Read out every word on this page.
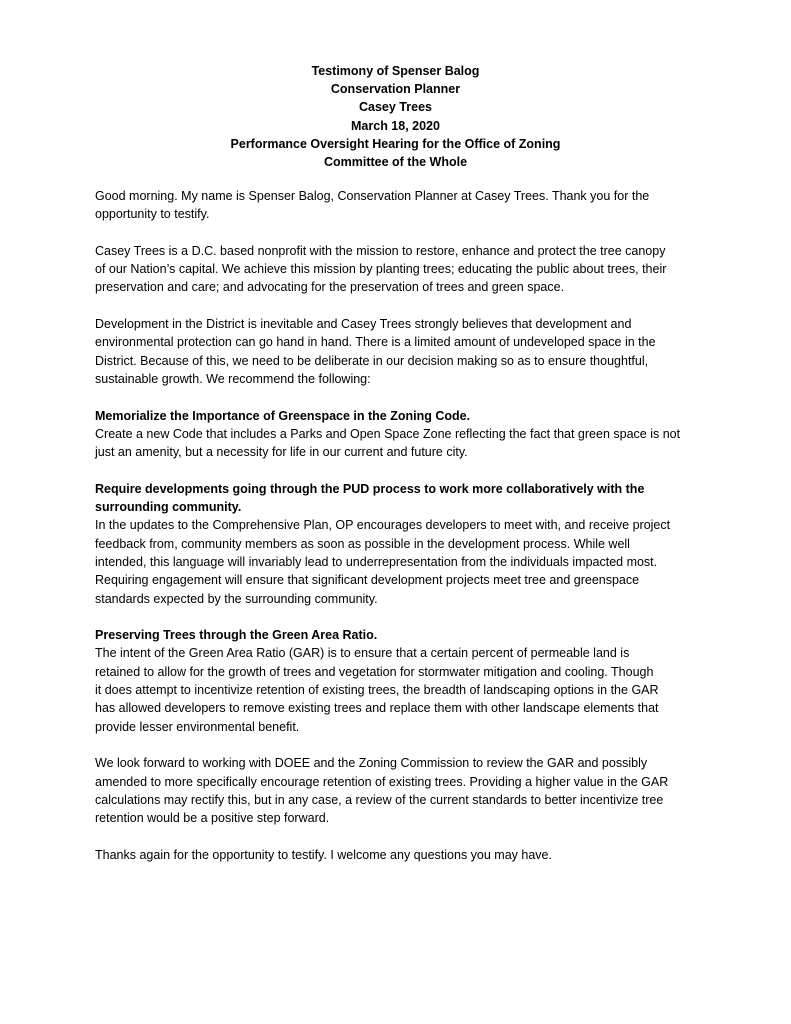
Testimony of Spenser Balog
Conservation Planner
Casey Trees
March 18, 2020
Performance Oversight Hearing for the Office of Zoning
Committee of the Whole

Good morning. My name is Spenser Balog, Conservation Planner at Casey Trees. Thank you for the
opportunity to testify.

Casey Trees is a D.C. based nonprofit with the mission to restore, enhance and protect the tree canopy
of our Nation’s capital. We achieve this mission by planting trees; educating the public about trees, their
preservation and care; and advocating for the preservation of trees and green space.

Development in the District is inevitable and Casey Trees strongly believes that development and
environmental protection can go hand in hand. There is a limited amount of undeveloped space in the
District. Because of this, we need to be deliberate in our decision making so as to ensure thoughtful,
sustainable growth. We recommend the following:

Memorialize the Importance of Greenspace in the Zoning Code.
Create a new Code that includes a Parks and Open Space Zone reflecting the fact that green space is not
just an amenity, but a necessity for life in our current and future city.

Require developments going through the PUD process to work more collaboratively with the
surrounding community.
In the updates to the Comprehensive Plan, OP encourages developers to meet with, and receive project
feedback from, community members as soon as possible in the development process. While well
intended, this language will invariably lead to underrepresentation from the individuals impacted most.
Requiring engagement will ensure that significant development projects meet tree and greenspace
standards expected by the surrounding community.

Preserving Trees through the Green Area Ratio.
The intent of the Green Area Ratio (GAR) is to ensure that a certain percent of permeable land is
retained to allow for the growth of trees and vegetation for stormwater mitigation and cooling. Though
it does attempt to incentivize retention of existing trees, the breadth of landscaping options in the GAR
has allowed developers to remove existing trees and replace them with other landscape elements that
provide lesser environmental benefit.

We look forward to working with DOEE and the Zoning Commission to review the GAR and possibly
amended to more specifically encourage retention of existing trees. Providing a higher value in the GAR
calculations may rectify this, but in any case, a review of the current standards to better incentivize tree
retention would be a positive step forward.

Thanks again for the opportunity to testify. I welcome any questions you may have.
